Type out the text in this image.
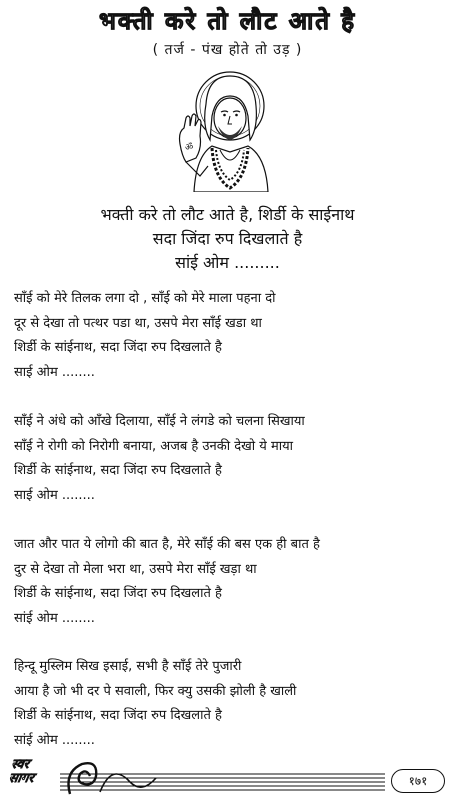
भक्ती करे तो लौट आते है
( तर्ज - पंख होते तो उड़ )
ॐ
भक्ती करे तो लौट आते है, शिर्डी के साईनाथ
सदा जिंदा रुप दिखलाते है
सांई ओम .........
साँई को मेरे तिलक लगा दो , साँई को मेरे माला पहना दो
दूर से देखा तो पत्थर पडा था, उसपे मेरा साँई खडा था
शिर्डी के सांईनाथ, सदा जिंदा रुप दिखलाते है
साई ओम ........
साँई ने अंधे को आँखे दिलाया, साँई ने लंगडे को चलना सिखाया
साँई ने रोगी को निरोगी बनाया, अजब है उनकी देखो ये माया
शिर्डी के सांईनाथ, सदा जिंदा रुप दिखलाते है
साई ओम ........
जात और पात ये लोगो की बात है, मेरे साँई की बस एक ही बात है
दुर से देखा तो मेला भरा था, उसपे मेरा साँई खड़ा था
शिर्डी के सांईनाथ, सदा जिंदा रुप दिखलाते है
सांई ओम ........
हिन्दू मुस्लिम सिख इसाई, सभी है साँई तेरे पुजारी
आया है जो भी दर पे सवाली, फिर क्यु उसकी झोली है खाली
शिर्डी के सांईनाथ, सदा जिंदा रुप दिखलाते है
सांई ओम ........
स्वर
सागर	१७१
